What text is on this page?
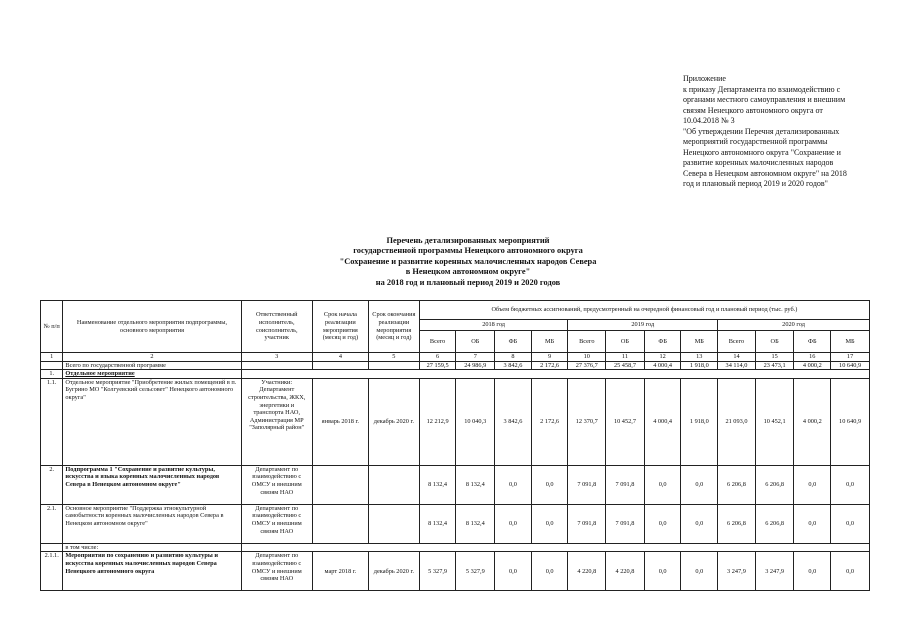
Приложение
к приказу Департамента по взаимодействию с
органами местного самоуправления и внешним
связям Ненецкого автономного округа от
10.04.2018 № 3
"Об утверждении Перечня детализированных
мероприятий государственной программы
Ненецкого автономного округа "Сохранение и
развитие коренных малочисленных народов
Севера в Ненецком автономном округе" на 2018
год и плановый период 2019 и 2020 годов"
Перечень детализированных мероприятий
государственной программы Ненецкого автономного округа
"Сохранение и развитие коренных малочисленных народов Севера
в Ненецком автономном округе"
на 2018 год и плановый период 2019 и 2020 годов
№ п/п	Наименование отдельного мероприятия подпрограммы, основного мероприятия	Ответственный исполнитель, соисполнитель, участник	Срок начала реализации мероприятия (месяц и год)	Срок окончания реализации мероприятия (месяц и год)	Объем бюджетных ассигнований, предусмотренный на очередной финансовый год и плановый период (тыс. руб.)											
					2018 год				2019 год				2020 год			
					Всего	ОБ	ФБ	МБ	Всего	ОБ	ФБ	МБ	Всего	ОБ	ФБ	МБ
1	2	3	4	5	6	7	8	9	10	11	12	13	14	15	16	17
	Всего по государственной программе				27 159,5	24 986,9	3 842,6	2 172,6	27 376,7	25 458,7	4 000,4	1 918,0	34 114,0	23 473,1	4 000,2	10 640,9
1.	Отдельное мероприятие															
1.1.	Отдельное мероприятие "Приобретение жилых помещений в п. Бугрино МО "Колгуевский сельсовет" Ненецкого автономного округа"	Участники: Департамент строительства, ЖКХ, энергетики и транспорта НАО, Администрация МР "Заполярный район"	январь 2018 г.	декабрь 2020 г.	12 212,9	10 040,3	3 842,6	2 172,6	12 370,7	10 452,7	4 000,4	1 918,0	21 093,0	10 452,1	4 000,2	10 640,9
2.	Подпрограмма 1 "Сохранение и развитие культуры, искусства и языка коренных малочисленных народов Севера в Ненецком автономном округе"	Департамент по взаимодействию с ОМСУ и внешним связям НАО			8 132,4	8 132,4	0,0	0,0	7 091,8	7 091,8	0,0	0,0	6 206,8	6 206,8	0,0	0,0
2.1.	Основное мероприятие "Поддержка этнокультурной самобытности коренных малочисленных народов Севера в Ненецком автономном округе"	Департамент по взаимодействию с ОМСУ и внешним связям НАО			8 132,4	8 132,4	0,0	0,0	7 091,8	7 091,8	0,0	0,0	6 206,8	6 206,8	0,0	0,0
	в том числе:															
2.1.1.	Мероприятия по сохранению и развитию культуры и искусства коренных малочисленных народов Севера Ненецкого автономного округа	Департамент по взаимодействию с ОМСУ и внешним связям НАО	март 2018 г.	декабрь 2020 г.	5 327,9	5 327,9	0,0	0,0	4 220,8	4 220,8	0,0	0,0	3 247,9	3 247,9	0,0	0,0
